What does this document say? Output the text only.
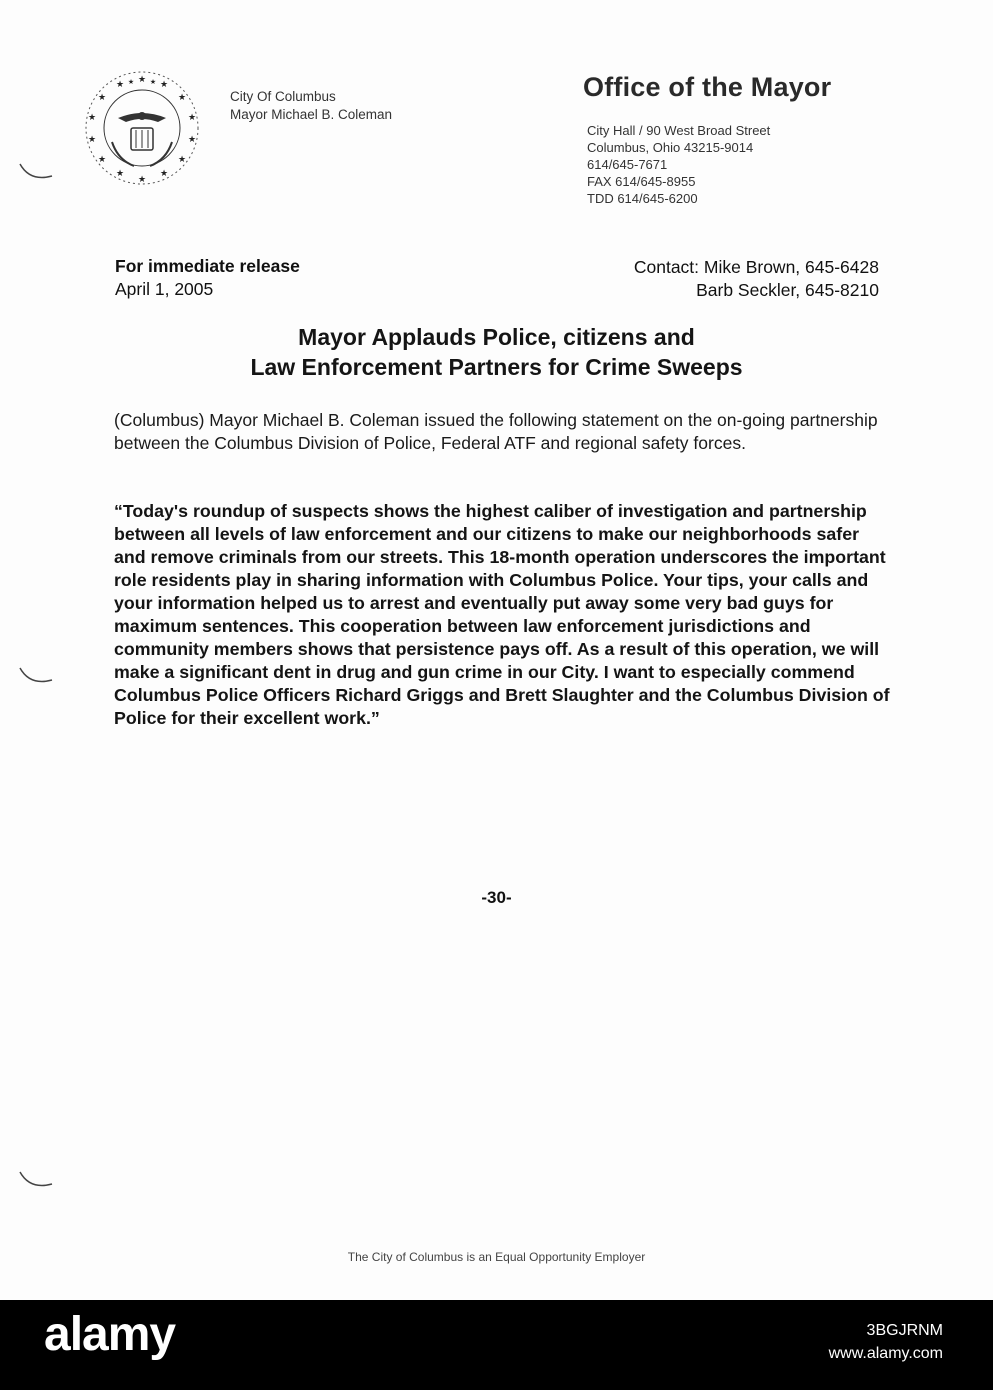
★ ★
★
★
★
★
★
★
★
★
★
★
★
★ ★ ★
City Of Columbus
Mayor Michael B. Coleman
Office of the Mayor
City Hall / 90 West Broad Street
Columbus, Ohio 43215-9014
614/645-7671
FAX 614/645-8955
TDD 614/645-6200
For immediate release
April 1, 2005
Contact: Mike Brown, 645-6428
Barb Seckler, 645-8210
Mayor Applauds Police, citizens and
Law Enforcement Partners for Crime Sweeps

(Columbus) Mayor Michael B. Coleman issued the following statement on the on-going partnership between the Columbus Division of Police, Federal ATF and regional safety forces.

“Today's roundup of suspects shows the highest caliber of investigation and partnership between all levels of law enforcement and our citizens to make our neighborhoods safer and remove criminals from our streets. This 18-month operation underscores the important role residents play in sharing information with Columbus Police. Your tips, your calls and your information helped us to arrest and eventually put away some very bad guys for maximum sentences. This cooperation between law enforcement jurisdictions and community members shows that persistence pays off. As a result of this operation, we will make a significant dent in drug and gun crime in our City. I want to especially commend Columbus Police Officers Richard Griggs and Brett Slaughter and the Columbus Division of Police for their excellent work.”

-30-
The City of Columbus is an Equal Opportunity Employer
alamy	3BGJRNM
www.alamy.com
